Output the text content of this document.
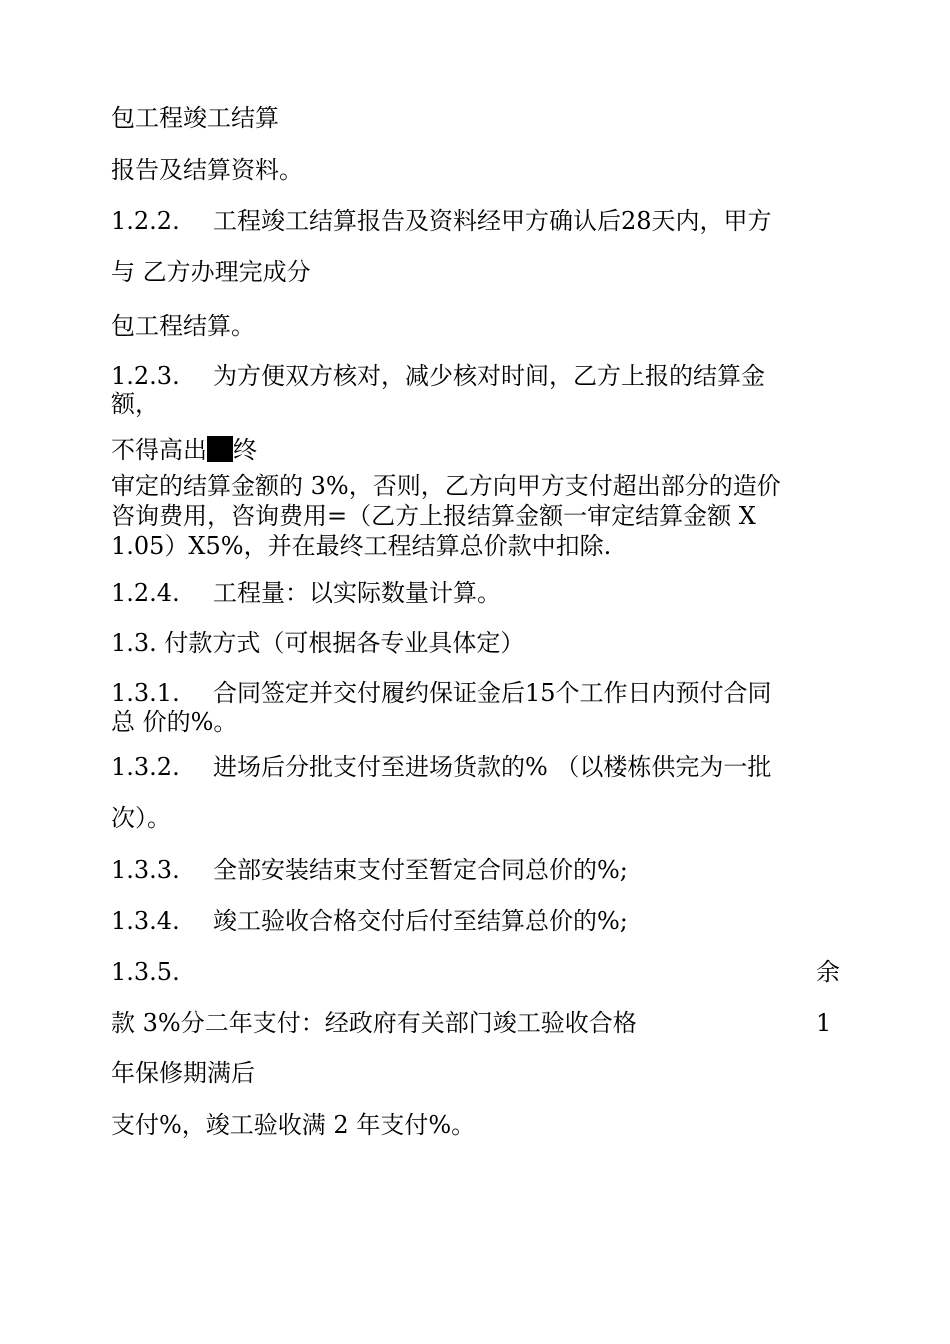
包工程竣工结算

报告及结算资料。

1.2.2. 工程竣工结算报告及资料经甲方确认后28天内，甲方

与 乙方办理完成分

包工程结算。

1.2.3. 为方便双方核对，减少核对时间，乙方上报的结算金

额，

不得高出 终

审定的结算金额的 3%，否则，乙方向甲方支付超出部分的造价

咨询费用，咨询费用=（乙方上报结算金额一审定结算金额 X

1.05）X5%，并在最终工程结算总价款中扣除.

1.2.4. 工程量：以实际数量计算。

1.3. 付款方式（可根据各专业具体定）

1.3.1. 合同签定并交付履约保证金后15个工作日内预付合同

总 价的%。

1.3.2. 进场后分批支付至进场货款的% （以楼栋供完为一批

次）。

1.3.3. 全部安装结束支付至暂定合同总价的%;

1.3.4. 竣工验收合格交付后付至结算总价的%;

1.3.5.	余

款 3%分二年支付：经政府有关部门竣工验收合格	1

年保修期满后

支付%，竣工验收满 2 年支付%。
